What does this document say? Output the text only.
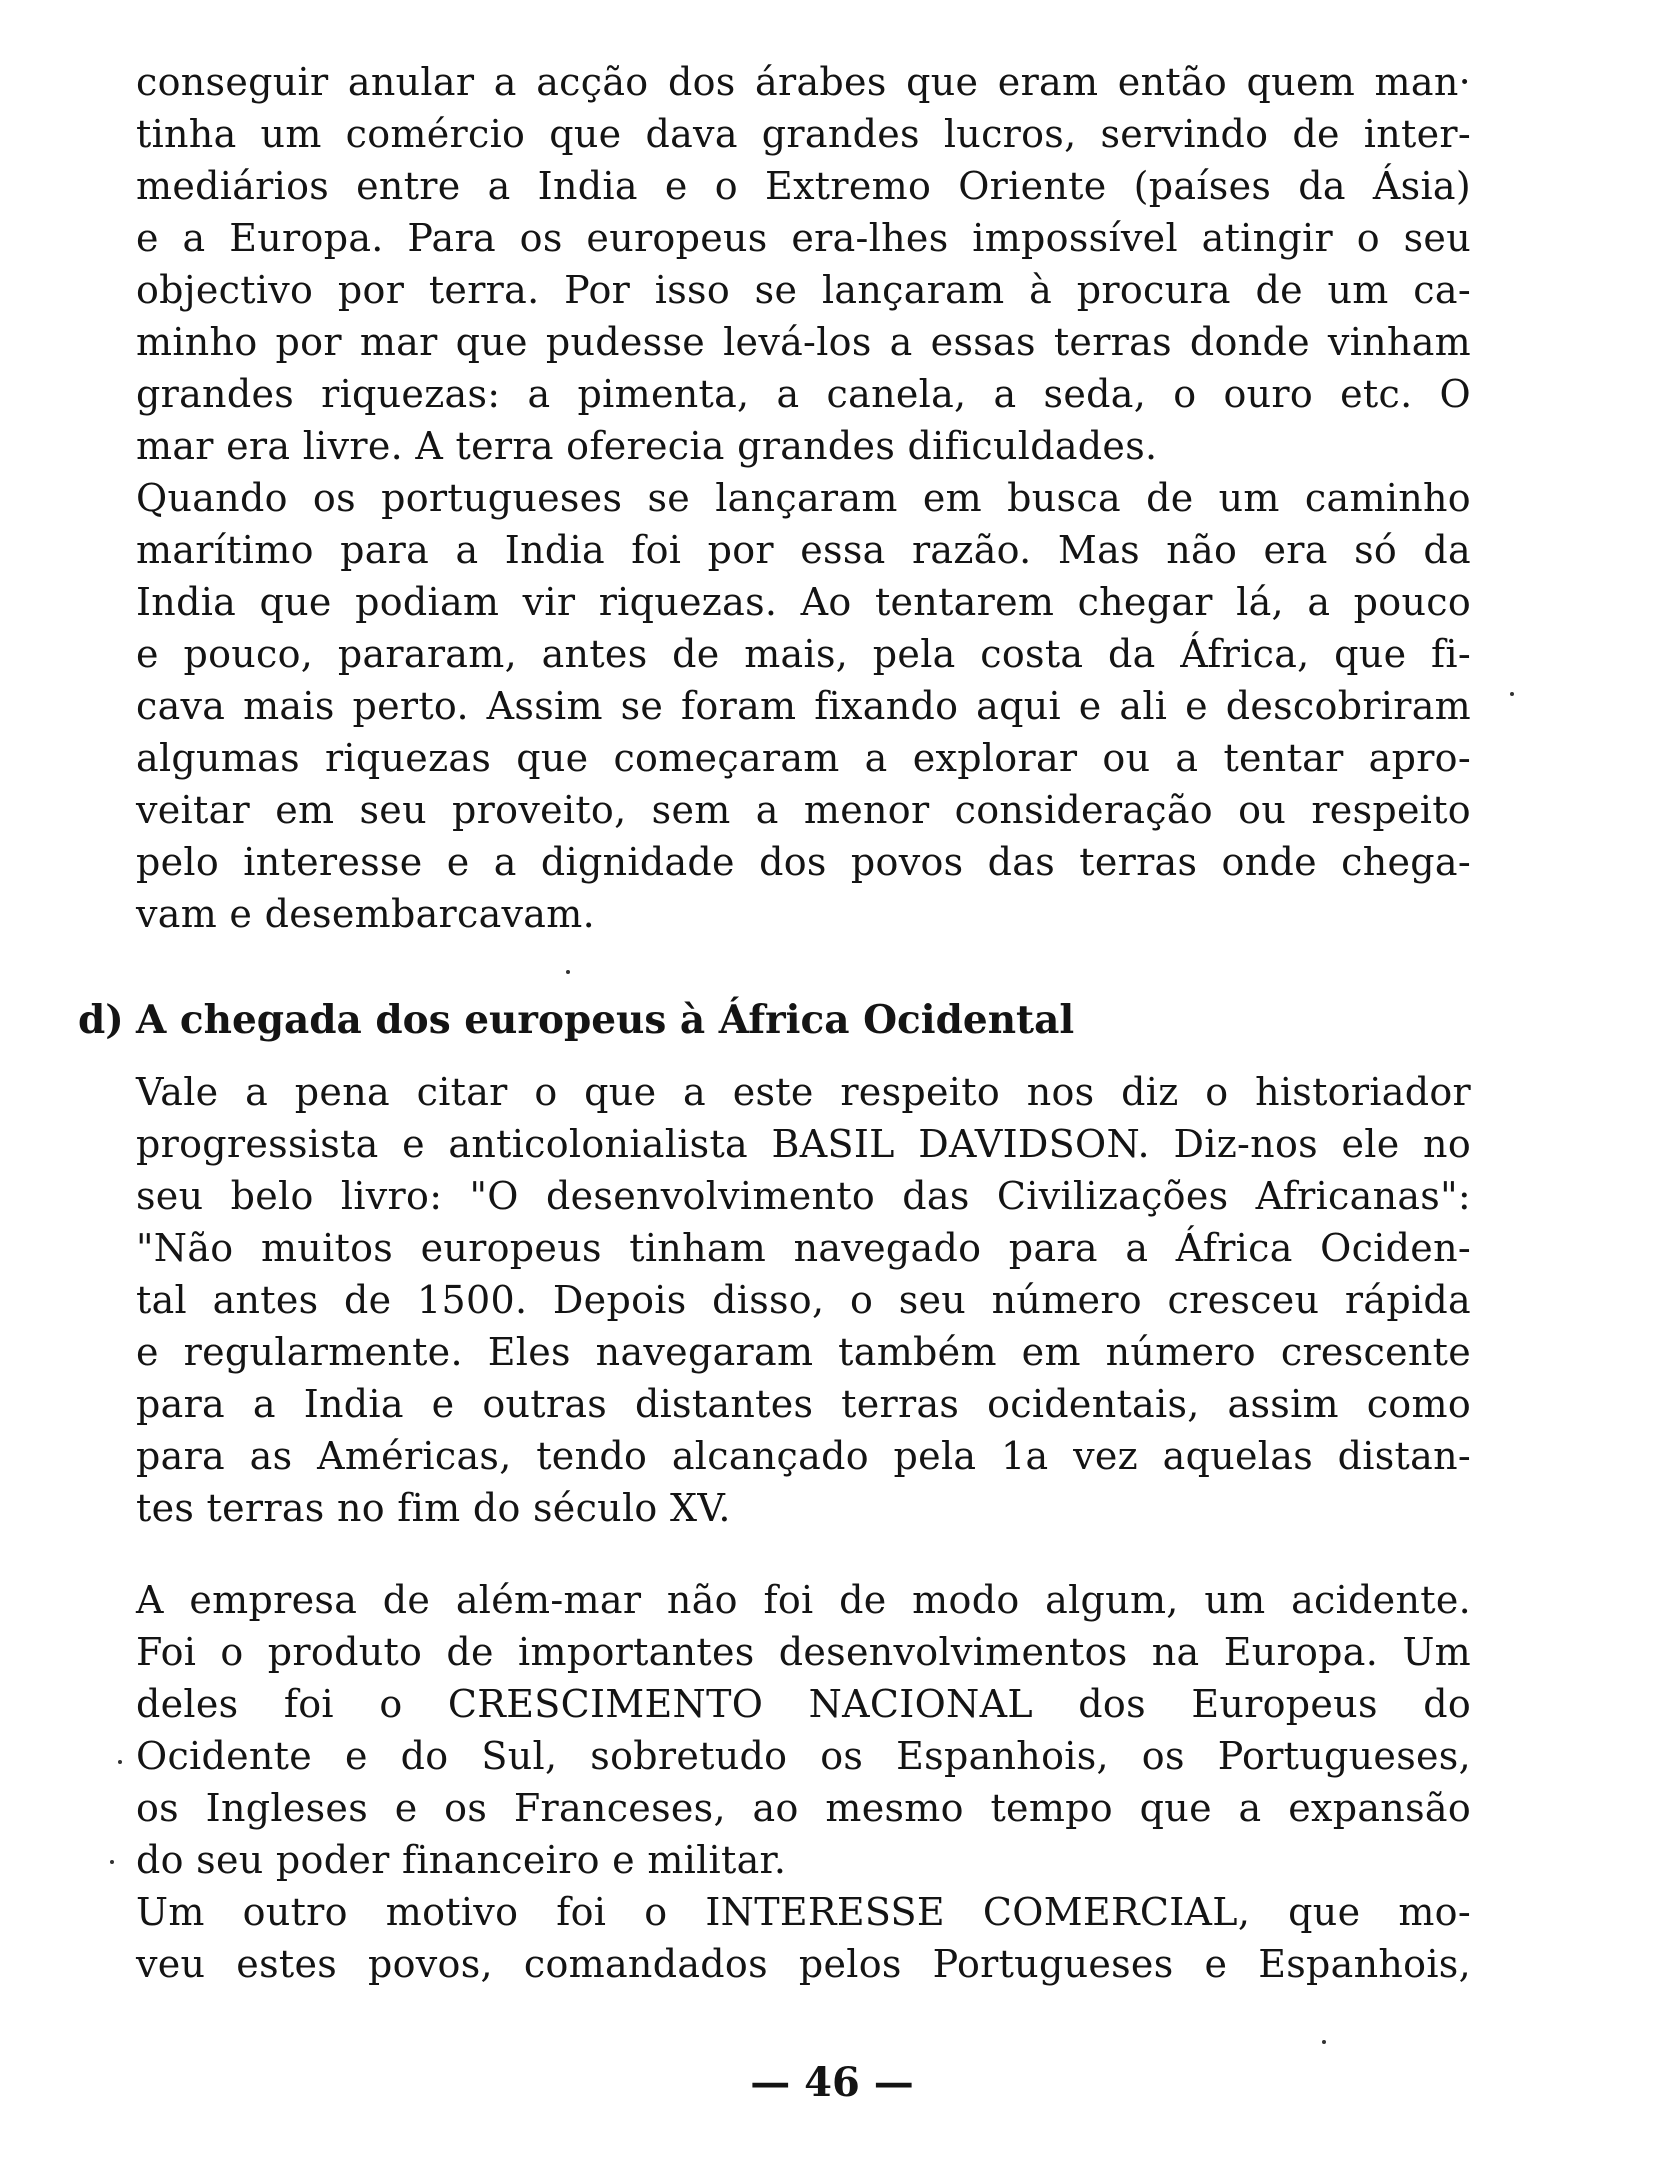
conseguir anular a acção dos árabes que eram então quem man·
tinha um comércio que dava grandes lucros, servindo de inter-
mediários entre a India e o Extremo Oriente (países da Ásia)
e a Europa. Para os europeus era-lhes impossível atingir o seu
objectivo por terra. Por isso se lançaram à procura de um ca-
minho por mar que pudesse levá-los a essas terras donde vinham
grandes riquezas: a pimenta, a canela, a seda, o ouro etc. O
mar era livre. A terra oferecia grandes dificuldades.
Quando os portugueses se lançaram em busca de um caminho
marítimo para a India foi por essa razão. Mas não era só da
India que podiam vir riquezas. Ao tentarem chegar lá, a pouco
e pouco, pararam, antes de mais, pela costa da África, que fi-
cava mais perto. Assim se foram fixando aqui e ali e descobriram
algumas riquezas que começaram a explorar ou a tentar apro-
veitar em seu proveito, sem a menor consideração ou respeito
pelo interesse e a dignidade dos povos das terras onde chega-
vam e desembarcavam.
d) A chegada dos europeus à África Ocidental
Vale a pena citar o que a este respeito nos diz o historiador
progressista e anticolonialista BASIL DAVIDSON. Diz-nos ele no
seu belo livro: "O desenvolvimento das Civilizações Africanas":
"Não muitos europeus tinham navegado para a África Ociden-
tal antes de 1500. Depois disso, o seu número cresceu rápida
e regularmente. Eles navegaram também em número crescente
para a India e outras distantes terras ocidentais, assim como
para as Américas, tendo alcançado pela 1a vez aquelas distan-
tes terras no fim do século XV.
A empresa de além-mar não foi de modo algum, um acidente.
Foi o produto de importantes desenvolvimentos na Europa. Um
deles foi o CRESCIMENTO NACIONAL dos Europeus do
Ocidente e do Sul, sobretudo os Espanhois, os Portugueses,
os Ingleses e os Franceses, ao mesmo tempo que a expansão
do seu poder financeiro e militar.
Um outro motivo foi o INTERESSE COMERCIAL, que mo-
veu estes povos, comandados pelos Portugueses e Espanhois,
— 46 —
